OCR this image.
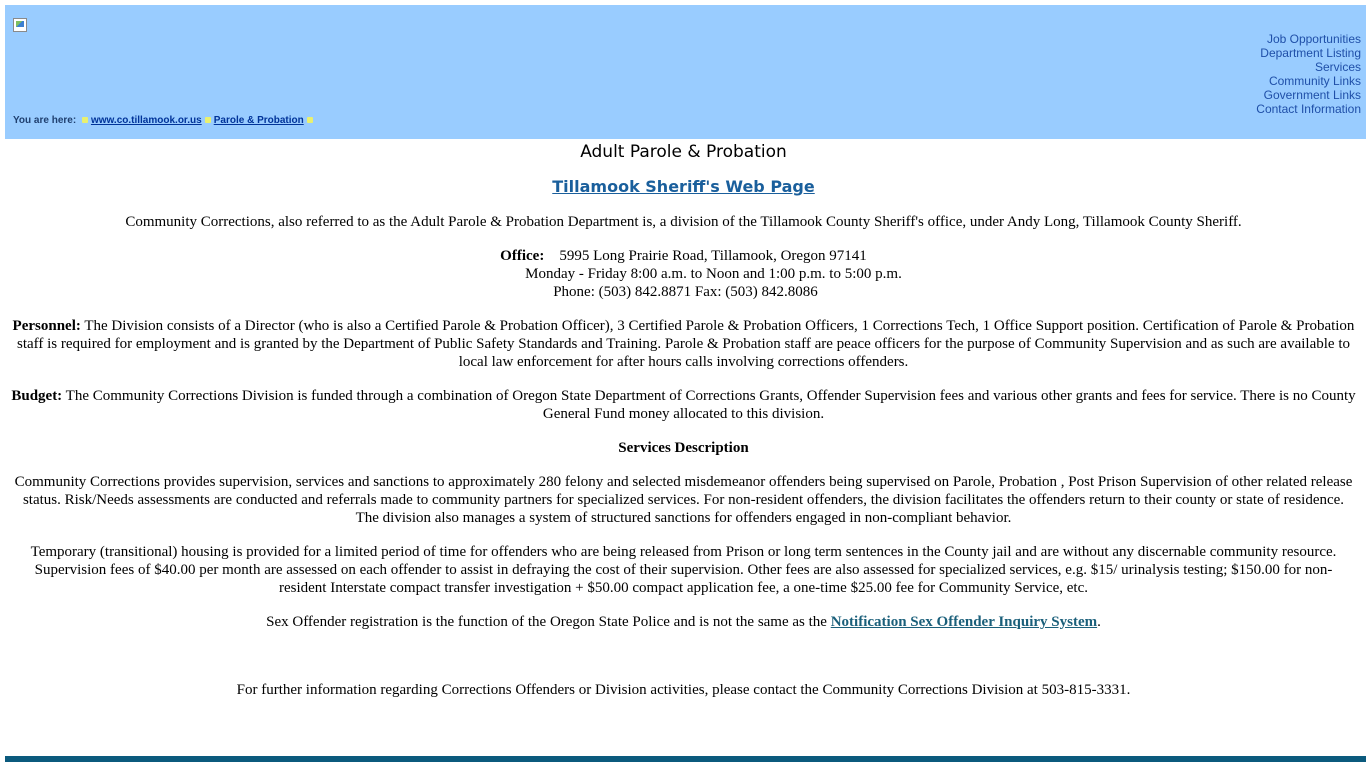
You are here: www.co.tillamook.or.us Parole & Probation
Job Opportunities
Department Listing
Services
Community Links
Government Links
Contact Information
Adult Parole & Probation
Tillamook Sheriff's Web Page

Community Corrections, also referred to as the Adult Parole & Probation Department is, a division of the Tillamook County Sheriff's office, under Andy Long, Tillamook County Sheriff.

Office: 5995 Long Prairie Road, Tillamook, Oregon 97141
Monday - Friday 8:00 a.m. to Noon and 1:00 p.m. to 5:00 p.m.
Phone: (503) 842.8871 Fax: (503) 842.8086

Personnel: The Division consists of a Director (who is also a Certified Parole & Probation Officer), 3 Certified Parole & Probation Officers, 1 Corrections Tech, 1 Office Support position. Certification of Parole & Probation staff is required for employment and is granted by the Department of Public Safety Standards and Training. Parole & Probation staff are peace officers for the purpose of Community Supervision and as such are available to local law enforcement for after hours calls involving corrections offenders.

Budget: The Community Corrections Division is funded through a combination of Oregon State Department of Corrections Grants, Offender Supervision fees and various other grants and fees for service. There is no County General Fund money allocated to this division.

Services Description

Community Corrections provides supervision, services and sanctions to approximately 280 felony and selected misdemeanor offenders being supervised on Parole, Probation , Post Prison Supervision of other related release status. Risk/Needs assessments are conducted and referrals made to community partners for specialized services. For non-resident offenders, the division facilitates the offenders return to their county or state of residence. The division also manages a system of structured sanctions for offenders engaged in non-compliant behavior.

Temporary (transitional) housing is provided for a limited period of time for offenders who are being released from Prison or long term sentences in the County jail and are without any discernable community resource. Supervision fees of $40.00 per month are assessed on each offender to assist in defraying the cost of their supervision. Other fees are also assessed for specialized services, e.g. $15/ urinalysis testing; $150.00 for non-resident Interstate compact transfer investigation + $50.00 compact application fee, a one-time $25.00 fee for Community Service, etc.

Sex Offender registration is the function of the Oregon State Police and is not the same as the Notification Sex Offender Inquiry System.

For further information regarding Corrections Offenders or Division activities, please contact the Community Corrections Division at 503-815-3331.
